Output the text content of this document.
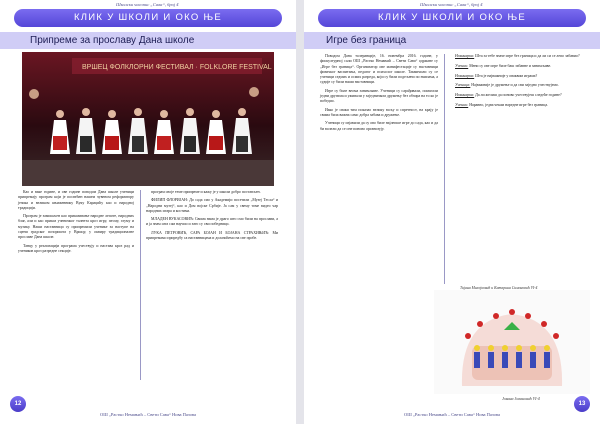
Школски часопис „Сава“, број 4
КЛИК У ШКОЛИ И ОКО ЊЕ
Припреме за прославу Дана школе
ВРШЕЦ ФОЛКЛОРНИ ФЕСТИВАЛ · FOLKLORE FESTIVAL

Као и ваке године, и ове године поводом Дана школе ученици припремају програм који је посвећен нашем чувеном реформатору језика и великом књижевнику Вуку Караџићу као и народној традицији.

Програм је замишљен као приказивање народне лепоте, народних благ, али и као приказ ученичког талента кроз игру, песму, глуму и музику. Наши наставници су припремили ученике за наступе на сцени градског позоришта у Вршцу, у оквиру традиционалне прославе Дана школе.

Танцу у реализацији програма учествују и настава кроз рад и учеников кроз разредне секције.

програм своје теме припреме и кажу је у школи добро постављен.

ФИЛИП ФЛОРИЈАН: До сада смо у Академији посетили „Музеј Тесла“ и „Народни музеј“, као и Дом војске Србије. Ја сам у свему томе видео чар народних игара и костима.

МЛАДЕН ВУКАСОВИЋ: Свима нама је драго што смо били на прослави, а и ја знам шта сам научио и зато су сви победници.

ЛУКА ПЕТРОВИЋ, САРА БОЈАН И БОЈАНА СТРАХИЊИЋ: Ми припремамо приредбу са наставницама и долазићемо на све пробе.

12
ОШ „Растко Немањић – Свети Сава“ Нова Пазова
Школски часопис „Сава“, број 4
КЛИК У ШКОЛИ И ОКО ЊЕ
Игре без граница

Поводом Дана толеранције, 16. новембра 2016. године, у фискултурној сали ОШ „Растко Немањић – Свети Сава“ одржане су „Игре без граница“. Организатор ове манифестације су наставници физичког васпитања, педагог и психолог школе. Такмичили су се ученици седмих и осмих разреда, који су били подељени по екипама, а судије су били наши наставници.

Игре су биле веома занимљиве. Ученици су сарађивали, помагали једни другима и уживали у заједничком дружењу без обзира на то ко је победио.

Иако је сваки тим показао велику вољу и спретност, на крају је свима била важна само добра забава и дружење.

Ученици су изјавили да су ово биле најлепше игре до сада, као и да би волели да се оне поново организују.

Новинарка: Шта за тебе значе игре без граница и да ли си се лепо забавио?

Ученик: Мени су ове игре биле баш забавне и занимљиве.

Новинарка: Шта је најважније у оваквим играма?

Ученица: Најважније је дружење и да сви заједно учествујемо.

Новинарка: Да ли желиш да поново учествујеш следеће године?

Ученик: Наравно, једва чекам наредне игре без граница.

Тијана Милојковић и Катарина Симоновић VI-4
Јована Јовановић VI-4
13
ОШ „Растко Немањић – Свети Сава“ Нова Пазова
